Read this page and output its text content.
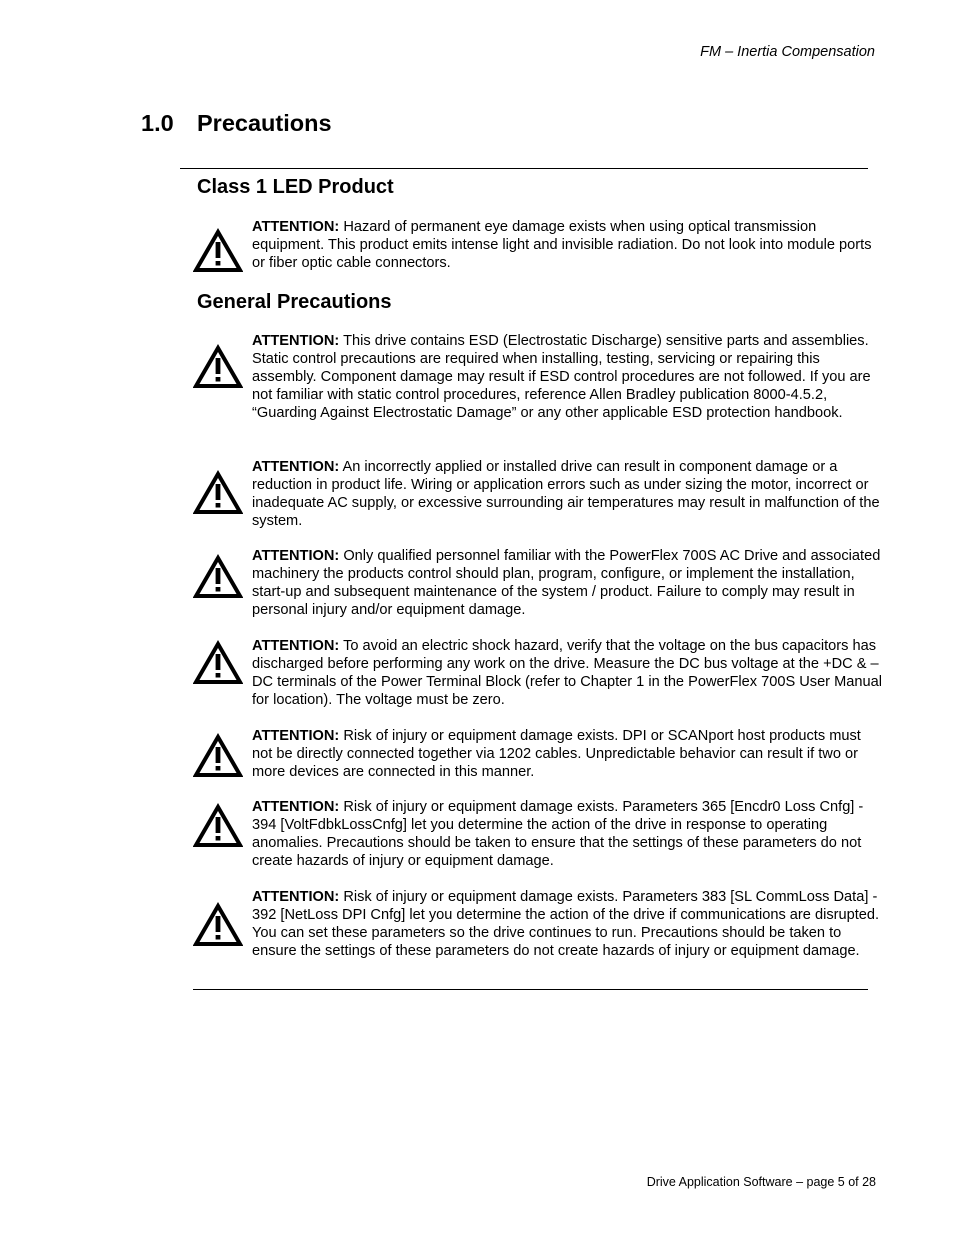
FM – Inertia Compensation
1.0 Precautions
Class 1 LED Product

ATTENTION: Hazard of permanent eye damage exists when using optical transmission equipment. This product emits intense light and invisible radiation. Do not look into module ports or fiber optic cable connectors.

General Precautions

ATTENTION: This drive contains ESD (Electrostatic Discharge) sensitive parts and assemblies. Static control precautions are required when installing, testing, servicing or repairing this assembly. Component damage may result if ESD control procedures are not followed. If you are not familiar with static control procedures, reference Allen Bradley publication 8000-4.5.2, “Guarding Against Electrostatic Damage” or any other applicable ESD protection handbook.

ATTENTION: An incorrectly applied or installed drive can result in component damage or a reduction in product life. Wiring or application errors such as under sizing the motor, incorrect or inadequate AC supply, or excessive surrounding air temperatures may result in malfunction of the system.

ATTENTION: Only qualified personnel familiar with the PowerFlex 700S AC Drive and associated machinery the products control should plan, program, configure, or implement the installation, start-up and subsequent maintenance of the system / product. Failure to comply may result in personal injury and/or equipment damage.

ATTENTION: To avoid an electric shock hazard, verify that the voltage on the bus capacitors has discharged before performing any work on the drive. Measure the DC bus voltage at the +DC & –DC terminals of the Power Terminal Block (refer to Chapter 1 in the PowerFlex 700S User Manual for location). The voltage must be zero.

ATTENTION: Risk of injury or equipment damage exists. DPI or SCANport host products must not be directly connected together via 1202 cables. Unpredictable behavior can result if two or more devices are connected in this manner.

ATTENTION: Risk of injury or equipment damage exists. Parameters 365 [Encdr0 Loss Cnfg] - 394 [VoltFdbkLossCnfg] let you determine the action of the drive in response to operating anomalies. Precautions should be taken to ensure that the settings of these parameters do not create hazards of injury or equipment damage.

ATTENTION: Risk of injury or equipment damage exists. Parameters 383 [SL CommLoss Data] - 392 [NetLoss DPI Cnfg] let you determine the action of the drive if communications are disrupted. You can set these parameters so the drive continues to run. Precautions should be taken to ensure the settings of these parameters do not create hazards of injury or equipment damage.

Drive Application Software – page 5 of 28
